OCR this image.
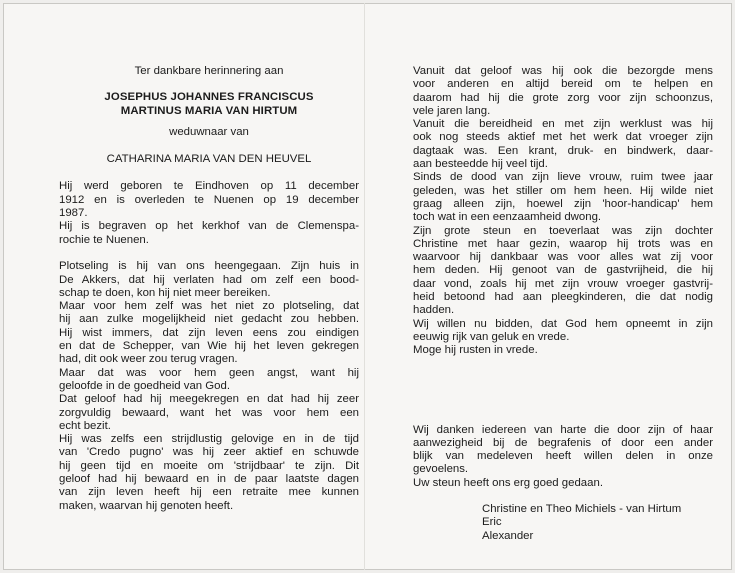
Ter dankbare herinnering aan

JOSEPHUS JOHANNES FRANCISCUS

MARTINUS MARIA VAN HIRTUM

weduwnaar van

CATHARINA MARIA VAN DEN HEUVEL

Hij werd geboren te Eindhoven op 11 december
1912 en is overleden te Nuenen op 19 december
1987.
Hij is begraven op het kerkhof van de Clemenspa-
rochie te Nuenen.
Plotseling is hij van ons heengegaan. Zijn huis in
De Akkers, dat hij verlaten had om zelf een bood-
schap te doen, kon hij niet meer bereiken.
Maar voor hem zelf was het niet zo plotseling, dat
hij aan zulke mogelijkheid niet gedacht zou hebben.
Hij wist immers, dat zijn leven eens zou eindigen
en dat de Schepper, van Wie hij het leven gekregen
had, dit ook weer zou terug vragen.
Maar dat was voor hem geen angst, want hij
geloofde in de goedheid van God.
Dat geloof had hij meegekregen en dat had hij zeer
zorgvuldig bewaard, want het was voor hem een
echt bezit.
Hij was zelfs een strijdlustig gelovige en in de tijd
van 'Credo pugno' was hij zeer aktief en schuwde
hij geen tijd en moeite om 'strijdbaar' te zijn. Dit
geloof had hij bewaard en in de paar laatste dagen
van zijn leven heeft hij een retraite mee kunnen
maken, waarvan hij genoten heeft.
Vanuit dat geloof was hij ook die bezorgde mens
voor anderen en altijd bereid om te helpen en
daarom had hij die grote zorg voor zijn schoonzus,
vele jaren lang.
Vanuit die bereidheid en met zijn werklust was hij
ook nog steeds aktief met het werk dat vroeger zijn
dagtaak was. Een krant, druk- en bindwerk, daar-
aan besteedde hij veel tijd.
Sinds de dood van zijn lieve vrouw, ruim twee jaar
geleden, was het stiller om hem heen. Hij wilde niet
graag alleen zijn, hoewel zijn 'hoor-handicap' hem
toch wat in een eenzaamheid dwong.
Zijn grote steun en toeverlaat was zijn dochter
Christine met haar gezin, waarop hij trots was en
waarvoor hij dankbaar was voor alles wat zij voor
hem deden. Hij genoot van de gastvrijheid, die hij
daar vond, zoals hij met zijn vrouw vroeger gastvrij-
heid betoond had aan pleegkinderen, die dat nodig
hadden.
Wij willen nu bidden, dat God hem opneemt in zijn
eeuwig rijk van geluk en vrede.
Moge hij rusten in vrede.
Wij danken iedereen van harte die door zijn of haar
aanwezigheid bij de begrafenis of door een ander
blijk van medeleven heeft willen delen in onze
gevoelens.
Uw steun heeft ons erg goed gedaan.
Christine en Theo Michiels - van Hirtum
Eric
Alexander
